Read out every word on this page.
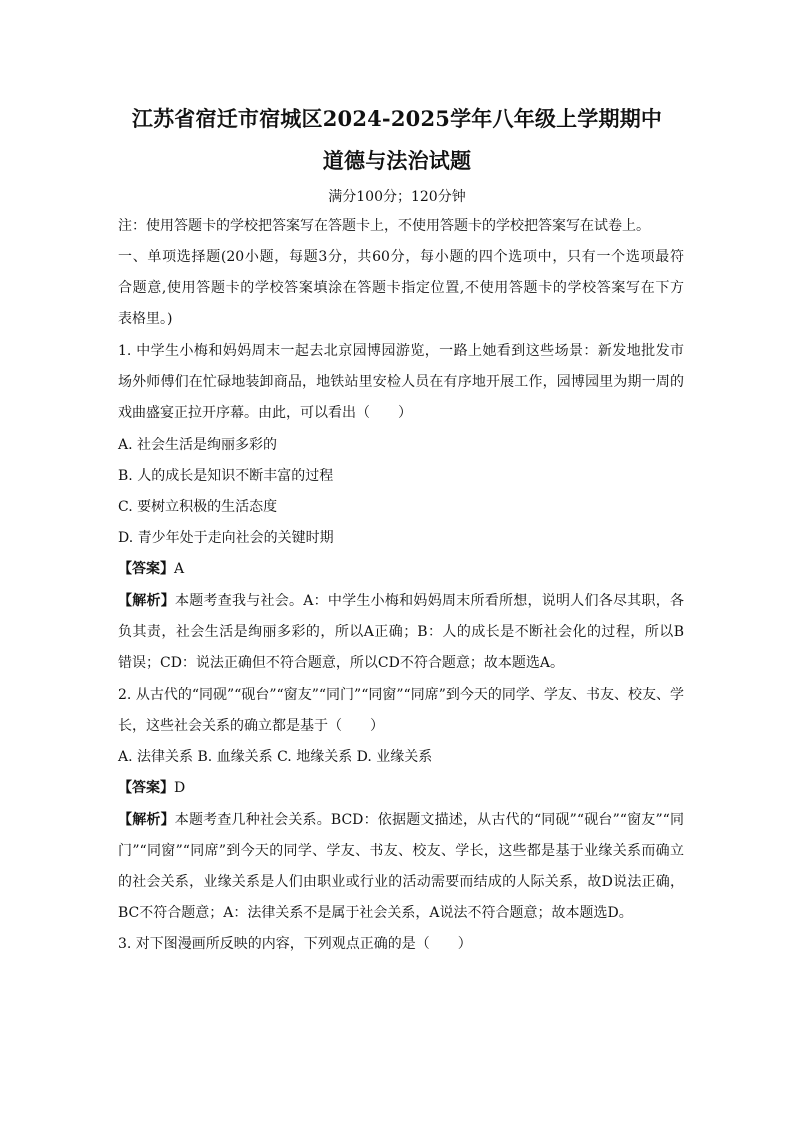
江苏省宿迁市宿城区2024-2025学年八年级上学期期中
道德与法治试题
满分100分；120分钟
注：使用答题卡的学校把答案写在答题卡上，不使用答题卡的学校把答案写在试卷上。
一、单项选择题(20小题，每题3分，共60分，每小题的四个选项中，只有一个选项最符
合题意,使用答题卡的学校答案填涂在答题卡指定位置,不使用答题卡的学校答案写在下方
表格里。)
1. 中学生小梅和妈妈周末一起去北京园博园游览，一路上她看到这些场景：新发地批发市
场外师傅们在忙碌地装卸商品，地铁站里安检人员在有序地开展工作，园博园里为期一周的
戏曲盛宴正拉开序幕。由此，可以看出（　　）
A. 社会生活是绚丽多彩的
B. 人的成长是知识不断丰富的过程
C. 要树立积极的生活态度
D. 青少年处于走向社会的关键时期
【答案】A
【解析】本题考查我与社会。A：中学生小梅和妈妈周末所看所想，说明人们各尽其职，各
负其责，社会生活是绚丽多彩的，所以A正确；B：人的成长是不断社会化的过程，所以B
错误；CD：说法正确但不符合题意，所以CD不符合题意；故本题选A。
2. 从古代的“同砚”“砚台”“窗友”“同门”“同窗”“同席”到今天的同学、学友、书友、校友、学
长，这些社会关系的确立都是基于（　　）
A. 法律关系 B. 血缘关系 C. 地缘关系 D. 业缘关系
【答案】D
【解析】本题考查几种社会关系。BCD：依据题文描述，从古代的“同砚”“砚台”“窗友”“同
门”“同窗”“同席”到今天的同学、学友、书友、校友、学长，这些都是基于业缘关系而确立
的社会关系，业缘关系是人们由职业或行业的活动需要而结成的人际关系，故D说法正确，
BC不符合题意；A：法律关系不是属于社会关系，A说法不符合题意；故本题选D。
3. 对下图漫画所反映的内容，下列观点正确的是（　　）
